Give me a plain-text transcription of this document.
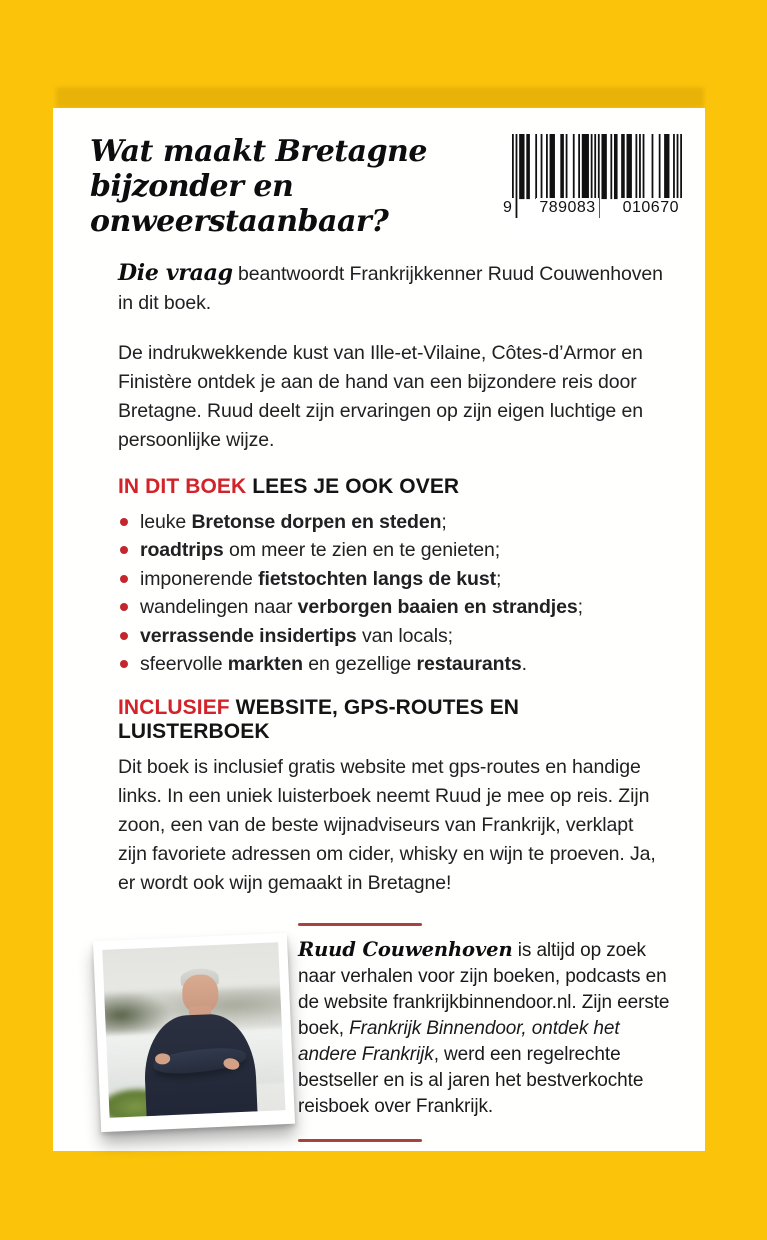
Wat maakt Bretagne
bijzonder en
onweerstaanbaar?	9 789083 010670

Die vraag beantwoordt Frankrijkkenner Ruud Couwenhoven in dit boek.

De indrukwekkende kust van Ille-et-Vilaine, Côtes-d’Armor en Finistère ontdek je aan de hand van een bijzondere reis door Bretagne. Ruud deelt zijn ervaringen op zijn eigen luchtige en persoonlijke wijze.

IN DIT BOEK LEES JE OOK OVER
leuke Bretonse dorpen en steden;
roadtrips om meer te zien en te genieten;
imponerende fietstochten langs de kust;
wandelingen naar verborgen baaien en strandjes;
verrassende insidertips van locals;
sfeervolle markten en gezellige restaurants.
INCLUSIEF WEBSITE, GPS-ROUTES EN LUISTERBOEK

Dit boek is inclusief gratis website met gps-routes en handige links. In een uniek luisterboek neemt Ruud je mee op reis. Zijn zoon, een van de beste wijnadviseurs van Frankrijk, verklapt zijn favoriete adressen om cider, whisky en wijn te proeven. Ja, er wordt ook wijn gemaakt in Bretagne!

Ruud Couwenhoven is altijd op zoek naar verhalen voor zijn boeken, podcasts en de website frankrijkbinnendoor.nl. Zijn eerste boek, Frankrijk Binnendoor, ontdek het andere Frankrijk, werd een regelrechte bestseller en is al jaren het bestverkochte reisboek over Frankrijk.
